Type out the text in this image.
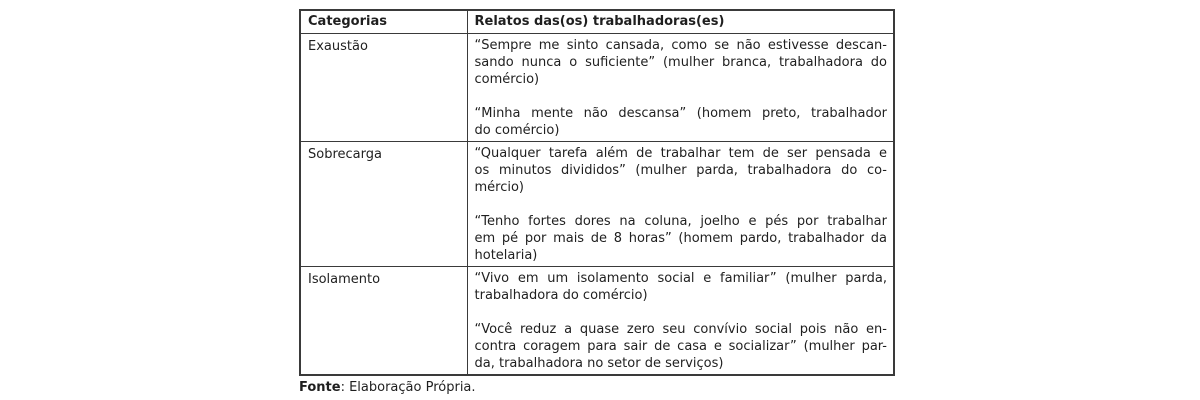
Categorias	Relatos das(os) trabalhadoras(es)
Exaustão	“Sempre me sinto cansada, como se não estivesse descan-
sando nunca o suficiente” (mulher branca, trabalhadora do
comércio)
“Minha mente não descansa” (homem preto, trabalhador
do comércio)

Sobrecarga	“Qualquer tarefa além de trabalhar tem de ser pensada e
os minutos divididos” (mulher parda, trabalhadora do co-
mércio)
“Tenho fortes dores na coluna, joelho e pés por trabalhar
em pé por mais de 8 horas” (homem pardo, trabalhador da
hotelaria)

Isolamento	“Vivo em um isolamento social e familiar” (mulher parda,
trabalhadora do comércio)
“Você reduz a quase zero seu convívio social pois não en-
contra coragem para sair de casa e socializar” (mulher par-
da, trabalhadora no setor de serviços)

Fonte: Elaboração Própria.
